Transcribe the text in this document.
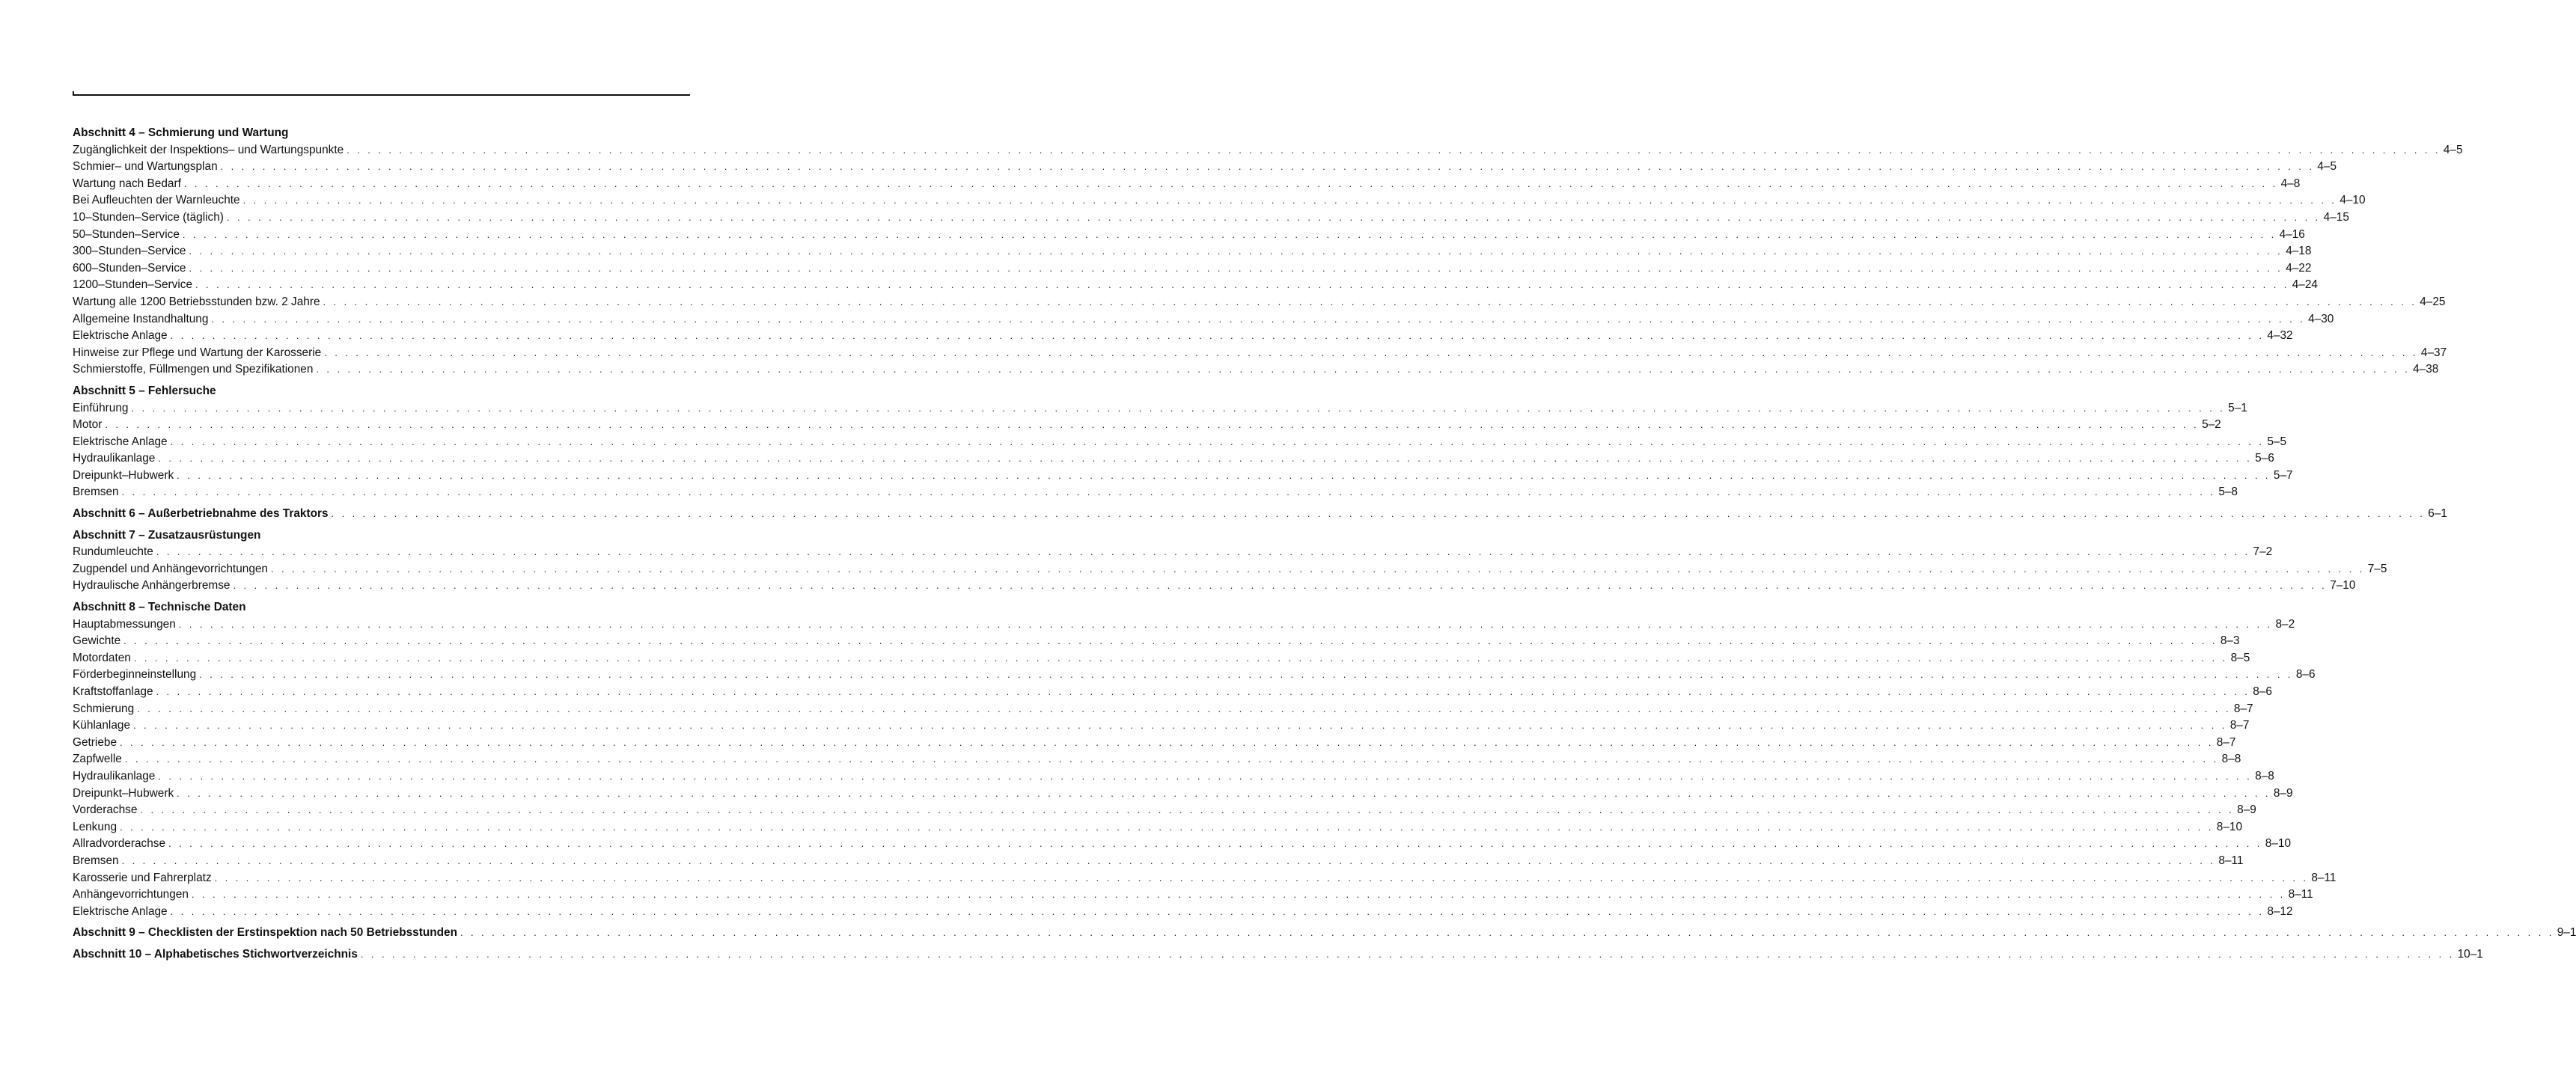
Abschnitt 4 – Schmierung und Wartung
Zugänglichkeit der Inspektions– und Wartungspunkte . . . . . . . . . . . . . . . . . . . . . . . . . . . . . . . . . . . . . . . . . . . . . . . . . . . . . . . . . . . . . . . . . . . . . . . . . . . . . . . . . . . . . . . . . . . . . . . . . . . . . . . . . . . . . . . . . . . . . . . . . . . . . . . . . . . . . . . . . . . . . . . . . . . . . . . . . . . . . . . . . . . . . . . . . . . . . . . . . . . . . . . . . . . . . . . . . . . . . . . . 4–5
Schmier– und Wartungsplan . . . . . . . . . . . . . . . . . . . . . . . . . . . . . . . . . . . . . . . . . . . . . . . . . . . . . . . . . . . . . . . . . . . . . . . . . . . . . . . . . . . . . . . . . . . . . . . . . . . . . . . . . . . . . . . . . . . . . . . . . . . . . . . . . . . . . . . . . . . . . . . . . . . . . . . . . . . . . . . . . . . . . . . . . . . . . . . . . . . . . . . . . . . . . . . . . . . . . . . . 4–5
Wartung nach Bedarf . . . . . . . . . . . . . . . . . . . . . . . . . . . . . . . . . . . . . . . . . . . . . . . . . . . . . . . . . . . . . . . . . . . . . . . . . . . . . . . . . . . . . . . . . . . . . . . . . . . . . . . . . . . . . . . . . . . . . . . . . . . . . . . . . . . . . . . . . . . . . . . . . . . . . . . . . . . . . . . . . . . . . . . . . . . . . . . . . . . . . . . . . . . . . . . . . . . . . . . . 4–8
Bei Aufleuchten der Warnleuchte . . . . . . . . . . . . . . . . . . . . . . . . . . . . . . . . . . . . . . . . . . . . . . . . . . . . . . . . . . . . . . . . . . . . . . . . . . . . . . . . . . . . . . . . . . . . . . . . . . . . . . . . . . . . . . . . . . . . . . . . . . . . . . . . . . . . . . . . . . . . . . . . . . . . . . . . . . . . . . . . . . . . . . . . . . . . . . . . . . . . . . . . . . . . . . . . . . . . . . . . 4–10
10–Stunden–Service (täglich) . . . . . . . . . . . . . . . . . . . . . . . . . . . . . . . . . . . . . . . . . . . . . . . . . . . . . . . . . . . . . . . . . . . . . . . . . . . . . . . . . . . . . . . . . . . . . . . . . . . . . . . . . . . . . . . . . . . . . . . . . . . . . . . . . . . . . . . . . . . . . . . . . . . . . . . . . . . . . . . . . . . . . . . . . . . . . . . . . . . . . . . . . . . . . . . . . . . . . . . . 4–15
50–Stunden–Service . . . . . . . . . . . . . . . . . . . . . . . . . . . . . . . . . . . . . . . . . . . . . . . . . . . . . . . . . . . . . . . . . . . . . . . . . . . . . . . . . . . . . . . . . . . . . . . . . . . . . . . . . . . . . . . . . . . . . . . . . . . . . . . . . . . . . . . . . . . . . . . . . . . . . . . . . . . . . . . . . . . . . . . . . . . . . . . . . . . . . . . . . . . . . . . . . . . . . . . . 4–16
300–Stunden–Service . . . . . . . . . . . . . . . . . . . . . . . . . . . . . . . . . . . . . . . . . . . . . . . . . . . . . . . . . . . . . . . . . . . . . . . . . . . . . . . . . . . . . . . . . . . . . . . . . . . . . . . . . . . . . . . . . . . . . . . . . . . . . . . . . . . . . . . . . . . . . . . . . . . . . . . . . . . . . . . . . . . . . . . . . . . . . . . . . . . . . . . . . . . . . . . . . . . . . . . . 4–18
600–Stunden–Service . . . . . . . . . . . . . . . . . . . . . . . . . . . . . . . . . . . . . . . . . . . . . . . . . . . . . . . . . . . . . . . . . . . . . . . . . . . . . . . . . . . . . . . . . . . . . . . . . . . . . . . . . . . . . . . . . . . . . . . . . . . . . . . . . . . . . . . . . . . . . . . . . . . . . . . . . . . . . . . . . . . . . . . . . . . . . . . . . . . . . . . . . . . . . . . . . . . . . . . . 4–22
1200–Stunden–Service . . . . . . . . . . . . . . . . . . . . . . . . . . . . . . . . . . . . . . . . . . . . . . . . . . . . . . . . . . . . . . . . . . . . . . . . . . . . . . . . . . . . . . . . . . . . . . . . . . . . . . . . . . . . . . . . . . . . . . . . . . . . . . . . . . . . . . . . . . . . . . . . . . . . . . . . . . . . . . . . . . . . . . . . . . . . . . . . . . . . . . . . . . . . . . . . . . . . . . . . 4–24
Wartung alle 1200 Betriebsstunden bzw. 2 Jahre . . . . . . . . . . . . . . . . . . . . . . . . . . . . . . . . . . . . . . . . . . . . . . . . . . . . . . . . . . . . . . . . . . . . . . . . . . . . . . . . . . . . . . . . . . . . . . . . . . . . . . . . . . . . . . . . . . . . . . . . . . . . . . . . . . . . . . . . . . . . . . . . . . . . . . . . . . . . . . . . . . . . . . . . . . . . . . . . . . . . . . . . . . . . . . . . . . . . . . . . 4–25
Allgemeine Instandhaltung . . . . . . . . . . . . . . . . . . . . . . . . . . . . . . . . . . . . . . . . . . . . . . . . . . . . . . . . . . . . . . . . . . . . . . . . . . . . . . . . . . . . . . . . . . . . . . . . . . . . . . . . . . . . . . . . . . . . . . . . . . . . . . . . . . . . . . . . . . . . . . . . . . . . . . . . . . . . . . . . . . . . . . . . . . . . . . . . . . . . . . . . . . . . . . . . . . . . . . . . 4–30
Elektrische Anlage . . . . . . . . . . . . . . . . . . . . . . . . . . . . . . . . . . . . . . . . . . . . . . . . . . . . . . . . . . . . . . . . . . . . . . . . . . . . . . . . . . . . . . . . . . . . . . . . . . . . . . . . . . . . . . . . . . . . . . . . . . . . . . . . . . . . . . . . . . . . . . . . . . . . . . . . . . . . . . . . . . . . . . . . . . . . . . . . . . . . . . . . . . . . . . . . . . . . . . . . 4–32
Hinweise zur Pflege und Wartung der Karosserie . . . . . . . . . . . . . . . . . . . . . . . . . . . . . . . . . . . . . . . . . . . . . . . . . . . . . . . . . . . . . . . . . . . . . . . . . . . . . . . . . . . . . . . . . . . . . . . . . . . . . . . . . . . . . . . . . . . . . . . . . . . . . . . . . . . . . . . . . . . . . . . . . . . . . . . . . . . . . . . . . . . . . . . . . . . . . . . . . . . . . . . . . . . . . . . . . . . . . . . . 4–37
Schmierstoffe, Füllmengen und Spezifikationen . . . . . . . . . . . . . . . . . . . . . . . . . . . . . . . . . . . . . . . . . . . . . . . . . . . . . . . . . . . . . . . . . . . . . . . . . . . . . . . . . . . . . . . . . . . . . . . . . . . . . . . . . . . . . . . . . . . . . . . . . . . . . . . . . . . . . . . . . . . . . . . . . . . . . . . . . . . . . . . . . . . . . . . . . . . . . . . . . . . . . . . . . . . . . . . . . . . . . . . . 4–38
Abschnitt 5 – Fehlersuche
Einführung . . . . . . . . . . . . . . . . . . . . . . . . . . . . . . . . . . . . . . . . . . . . . . . . . . . . . . . . . . . . . . . . . . . . . . . . . . . . . . . . . . . . . . . . . . . . . . . . . . . . . . . . . . . . . . . . . . . . . . . . . . . . . . . . . . . . . . . . . . . . . . . . . . . . . . . . . . . . . . . . . . . . . . . . . . . . . . . . . . . . . . . . . . . . . . . . . . . . . . . . 5–1
Motor . . . . . . . . . . . . . . . . . . . . . . . . . . . . . . . . . . . . . . . . . . . . . . . . . . . . . . . . . . . . . . . . . . . . . . . . . . . . . . . . . . . . . . . . . . . . . . . . . . . . . . . . . . . . . . . . . . . . . . . . . . . . . . . . . . . . . . . . . . . . . . . . . . . . . . . . . . . . . . . . . . . . . . . . . . . . . . . . . . . . . . . . . . . . . . . . . . . . . . . . 5–2
Elektrische Anlage . . . . . . . . . . . . . . . . . . . . . . . . . . . . . . . . . . . . . . . . . . . . . . . . . . . . . . . . . . . . . . . . . . . . . . . . . . . . . . . . . . . . . . . . . . . . . . . . . . . . . . . . . . . . . . . . . . . . . . . . . . . . . . . . . . . . . . . . . . . . . . . . . . . . . . . . . . . . . . . . . . . . . . . . . . . . . . . . . . . . . . . . . . . . . . . . . . . . . . . . 5–5
Hydraulikanlage . . . . . . . . . . . . . . . . . . . . . . . . . . . . . . . . . . . . . . . . . . . . . . . . . . . . . . . . . . . . . . . . . . . . . . . . . . . . . . . . . . . . . . . . . . . . . . . . . . . . . . . . . . . . . . . . . . . . . . . . . . . . . . . . . . . . . . . . . . . . . . . . . . . . . . . . . . . . . . . . . . . . . . . . . . . . . . . . . . . . . . . . . . . . . . . . . . . . . . . . 5–6
Dreipunkt–Hubwerk . . . . . . . . . . . . . . . . . . . . . . . . . . . . . . . . . . . . . . . . . . . . . . . . . . . . . . . . . . . . . . . . . . . . . . . . . . . . . . . . . . . . . . . . . . . . . . . . . . . . . . . . . . . . . . . . . . . . . . . . . . . . . . . . . . . . . . . . . . . . . . . . . . . . . . . . . . . . . . . . . . . . . . . . . . . . . . . . . . . . . . . . . . . . . . . . . . . . . . . . 5–7
Bremsen . . . . . . . . . . . . . . . . . . . . . . . . . . . . . . . . . . . . . . . . . . . . . . . . . . . . . . . . . . . . . . . . . . . . . . . . . . . . . . . . . . . . . . . . . . . . . . . . . . . . . . . . . . . . . . . . . . . . . . . . . . . . . . . . . . . . . . . . . . . . . . . . . . . . . . . . . . . . . . . . . . . . . . . . . . . . . . . . . . . . . . . . . . . . . . . . . . . . . . . . 5–8
Abschnitt 6 – Außerbetriebnahme des Traktors . . . . . . . . . . . . . . . . . . . . . . . . . . . . . . . . . . . . . . . . . . . . . . . . . . . . . . . . . . . . . . . . . . . . . . . . . . . . . . . . . . . . . . . . . . . . . . . . . . . . . . . . . . . . . . . . . . . . . . . . . . . . . . . . . . . . . . . . . . . . . . . . . . . . . . . . . . . . . . . . . . . . . . . . . . . . . . . . . . . . . . . . . . . . . . . . . . . . . . . . 6–1
Abschnitt 7 – Zusatzausrüstungen
Rundumleuchte . . . . . . . . . . . . . . . . . . . . . . . . . . . . . . . . . . . . . . . . . . . . . . . . . . . . . . . . . . . . . . . . . . . . . . . . . . . . . . . . . . . . . . . . . . . . . . . . . . . . . . . . . . . . . . . . . . . . . . . . . . . . . . . . . . . . . . . . . . . . . . . . . . . . . . . . . . . . . . . . . . . . . . . . . . . . . . . . . . . . . . . . . . . . . . . . . . . . . . . . 7–2
Zugpendel und Anhängevorrichtungen . . . . . . . . . . . . . . . . . . . . . . . . . . . . . . . . . . . . . . . . . . . . . . . . . . . . . . . . . . . . . . . . . . . . . . . . . . . . . . . . . . . . . . . . . . . . . . . . . . . . . . . . . . . . . . . . . . . . . . . . . . . . . . . . . . . . . . . . . . . . . . . . . . . . . . . . . . . . . . . . . . . . . . . . . . . . . . . . . . . . . . . . . . . . . . . . . . . . . . . . 7–5
Hydraulische Anhängerbremse . . . . . . . . . . . . . . . . . . . . . . . . . . . . . . . . . . . . . . . . . . . . . . . . . . . . . . . . . . . . . . . . . . . . . . . . . . . . . . . . . . . . . . . . . . . . . . . . . . . . . . . . . . . . . . . . . . . . . . . . . . . . . . . . . . . . . . . . . . . . . . . . . . . . . . . . . . . . . . . . . . . . . . . . . . . . . . . . . . . . . . . . . . . . . . . . . . . . . . . . 7–10
Abschnitt 8 – Technische Daten
Hauptabmessungen . . . . . . . . . . . . . . . . . . . . . . . . . . . . . . . . . . . . . . . . . . . . . . . . . . . . . . . . . . . . . . . . . . . . . . . . . . . . . . . . . . . . . . . . . . . . . . . . . . . . . . . . . . . . . . . . . . . . . . . . . . . . . . . . . . . . . . . . . . . . . . . . . . . . . . . . . . . . . . . . . . . . . . . . . . . . . . . . . . . . . . . . . . . . . . . . . . . . . . . . 8–2
Gewichte . . . . . . . . . . . . . . . . . . . . . . . . . . . . . . . . . . . . . . . . . . . . . . . . . . . . . . . . . . . . . . . . . . . . . . . . . . . . . . . . . . . . . . . . . . . . . . . . . . . . . . . . . . . . . . . . . . . . . . . . . . . . . . . . . . . . . . . . . . . . . . . . . . . . . . . . . . . . . . . . . . . . . . . . . . . . . . . . . . . . . . . . . . . . . . . . . . . . . . . . 8–3
Motordaten . . . . . . . . . . . . . . . . . . . . . . . . . . . . . . . . . . . . . . . . . . . . . . . . . . . . . . . . . . . . . . . . . . . . . . . . . . . . . . . . . . . . . . . . . . . . . . . . . . . . . . . . . . . . . . . . . . . . . . . . . . . . . . . . . . . . . . . . . . . . . . . . . . . . . . . . . . . . . . . . . . . . . . . . . . . . . . . . . . . . . . . . . . . . . . . . . . . . . . . . 8–5
Förderbeginneinstellung . . . . . . . . . . . . . . . . . . . . . . . . . . . . . . . . . . . . . . . . . . . . . . . . . . . . . . . . . . . . . . . . . . . . . . . . . . . . . . . . . . . . . . . . . . . . . . . . . . . . . . . . . . . . . . . . . . . . . . . . . . . . . . . . . . . . . . . . . . . . . . . . . . . . . . . . . . . . . . . . . . . . . . . . . . . . . . . . . . . . . . . . . . . . . . . . . . . . . . . . 8–6
Kraftstoffanlage . . . . . . . . . . . . . . . . . . . . . . . . . . . . . . . . . . . . . . . . . . . . . . . . . . . . . . . . . . . . . . . . . . . . . . . . . . . . . . . . . . . . . . . . . . . . . . . . . . . . . . . . . . . . . . . . . . . . . . . . . . . . . . . . . . . . . . . . . . . . . . . . . . . . . . . . . . . . . . . . . . . . . . . . . . . . . . . . . . . . . . . . . . . . . . . . . . . . . . . . 8–6
Schmierung . . . . . . . . . . . . . . . . . . . . . . . . . . . . . . . . . . . . . . . . . . . . . . . . . . . . . . . . . . . . . . . . . . . . . . . . . . . . . . . . . . . . . . . . . . . . . . . . . . . . . . . . . . . . . . . . . . . . . . . . . . . . . . . . . . . . . . . . . . . . . . . . . . . . . . . . . . . . . . . . . . . . . . . . . . . . . . . . . . . . . . . . . . . . . . . . . . . . . . . . 8–7
Kühlanlage . . . . . . . . . . . . . . . . . . . . . . . . . . . . . . . . . . . . . . . . . . . . . . . . . . . . . . . . . . . . . . . . . . . . . . . . . . . . . . . . . . . . . . . . . . . . . . . . . . . . . . . . . . . . . . . . . . . . . . . . . . . . . . . . . . . . . . . . . . . . . . . . . . . . . . . . . . . . . . . . . . . . . . . . . . . . . . . . . . . . . . . . . . . . . . . . . . . . . . . . 8–7
Getriebe . . . . . . . . . . . . . . . . . . . . . . . . . . . . . . . . . . . . . . . . . . . . . . . . . . . . . . . . . . . . . . . . . . . . . . . . . . . . . . . . . . . . . . . . . . . . . . . . . . . . . . . . . . . . . . . . . . . . . . . . . . . . . . . . . . . . . . . . . . . . . . . . . . . . . . . . . . . . . . . . . . . . . . . . . . . . . . . . . . . . . . . . . . . . . . . . . . . . . . . . 8–7
Zapfwelle . . . . . . . . . . . . . . . . . . . . . . . . . . . . . . . . . . . . . . . . . . . . . . . . . . . . . . . . . . . . . . . . . . . . . . . . . . . . . . . . . . . . . . . . . . . . . . . . . . . . . . . . . . . . . . . . . . . . . . . . . . . . . . . . . . . . . . . . . . . . . . . . . . . . . . . . . . . . . . . . . . . . . . . . . . . . . . . . . . . . . . . . . . . . . . . . . . . . . . . . 8–8
Hydraulikanlage . . . . . . . . . . . . . . . . . . . . . . . . . . . . . . . . . . . . . . . . . . . . . . . . . . . . . . . . . . . . . . . . . . . . . . . . . . . . . . . . . . . . . . . . . . . . . . . . . . . . . . . . . . . . . . . . . . . . . . . . . . . . . . . . . . . . . . . . . . . . . . . . . . . . . . . . . . . . . . . . . . . . . . . . . . . . . . . . . . . . . . . . . . . . . . . . . . . . . . . . 8–8
Dreipunkt–Hubwerk . . . . . . . . . . . . . . . . . . . . . . . . . . . . . . . . . . . . . . . . . . . . . . . . . . . . . . . . . . . . . . . . . . . . . . . . . . . . . . . . . . . . . . . . . . . . . . . . . . . . . . . . . . . . . . . . . . . . . . . . . . . . . . . . . . . . . . . . . . . . . . . . . . . . . . . . . . . . . . . . . . . . . . . . . . . . . . . . . . . . . . . . . . . . . . . . . . . . . . . . 8–9
Vorderachse . . . . . . . . . . . . . . . . . . . . . . . . . . . . . . . . . . . . . . . . . . . . . . . . . . . . . . . . . . . . . . . . . . . . . . . . . . . . . . . . . . . . . . . . . . . . . . . . . . . . . . . . . . . . . . . . . . . . . . . . . . . . . . . . . . . . . . . . . . . . . . . . . . . . . . . . . . . . . . . . . . . . . . . . . . . . . . . . . . . . . . . . . . . . . . . . . . . . . . . . 8–9
Lenkung . . . . . . . . . . . . . . . . . . . . . . . . . . . . . . . . . . . . . . . . . . . . . . . . . . . . . . . . . . . . . . . . . . . . . . . . . . . . . . . . . . . . . . . . . . . . . . . . . . . . . . . . . . . . . . . . . . . . . . . . . . . . . . . . . . . . . . . . . . . . . . . . . . . . . . . . . . . . . . . . . . . . . . . . . . . . . . . . . . . . . . . . . . . . . . . . . . . . . . . . 8–10
Allradvorderachse . . . . . . . . . . . . . . . . . . . . . . . . . . . . . . . . . . . . . . . . . . . . . . . . . . . . . . . . . . . . . . . . . . . . . . . . . . . . . . . . . . . . . . . . . . . . . . . . . . . . . . . . . . . . . . . . . . . . . . . . . . . . . . . . . . . . . . . . . . . . . . . . . . . . . . . . . . . . . . . . . . . . . . . . . . . . . . . . . . . . . . . . . . . . . . . . . . . . . . . . 8–10
Bremsen . . . . . . . . . . . . . . . . . . . . . . . . . . . . . . . . . . . . . . . . . . . . . . . . . . . . . . . . . . . . . . . . . . . . . . . . . . . . . . . . . . . . . . . . . . . . . . . . . . . . . . . . . . . . . . . . . . . . . . . . . . . . . . . . . . . . . . . . . . . . . . . . . . . . . . . . . . . . . . . . . . . . . . . . . . . . . . . . . . . . . . . . . . . . . . . . . . . . . . . . 8–11
Karosserie und Fahrerplatz . . . . . . . . . . . . . . . . . . . . . . . . . . . . . . . . . . . . . . . . . . . . . . . . . . . . . . . . . . . . . . . . . . . . . . . . . . . . . . . . . . . . . . . . . . . . . . . . . . . . . . . . . . . . . . . . . . . . . . . . . . . . . . . . . . . . . . . . . . . . . . . . . . . . . . . . . . . . . . . . . . . . . . . . . . . . . . . . . . . . . . . . . . . . . . . . . . . . . . . . 8–11
Anhängevorrichtungen . . . . . . . . . . . . . . . . . . . . . . . . . . . . . . . . . . . . . . . . . . . . . . . . . . . . . . . . . . . . . . . . . . . . . . . . . . . . . . . . . . . . . . . . . . . . . . . . . . . . . . . . . . . . . . . . . . . . . . . . . . . . . . . . . . . . . . . . . . . . . . . . . . . . . . . . . . . . . . . . . . . . . . . . . . . . . . . . . . . . . . . . . . . . . . . . . . . . . . . . 8–11
Elektrische Anlage . . . . . . . . . . . . . . . . . . . . . . . . . . . . . . . . . . . . . . . . . . . . . . . . . . . . . . . . . . . . . . . . . . . . . . . . . . . . . . . . . . . . . . . . . . . . . . . . . . . . . . . . . . . . . . . . . . . . . . . . . . . . . . . . . . . . . . . . . . . . . . . . . . . . . . . . . . . . . . . . . . . . . . . . . . . . . . . . . . . . . . . . . . . . . . . . . . . . . . . . 8–12
Abschnitt 9 – Checklisten der Erstinspektion nach 50 Betriebsstunden . . . . . . . . . . . . . . . . . . . . . . . . . . . . . . . . . . . . . . . . . . . . . . . . . . . . . . . . . . . . . . . . . . . . . . . . . . . . . . . . . . . . . . . . . . . . . . . . . . . . . . . . . . . . . . . . . . . . . . . . . . . . . . . . . . . . . . . . . . . . . . . . . . . . . . . . . . . . . . . . . . . . . . . . . . . . . . . . . . . . . . . . . . . . . . . . . . . . . . . . 9–1
Abschnitt 10 – Alphabetisches Stichwortverzeichnis . . . . . . . . . . . . . . . . . . . . . . . . . . . . . . . . . . . . . . . . . . . . . . . . . . . . . . . . . . . . . . . . . . . . . . . . . . . . . . . . . . . . . . . . . . . . . . . . . . . . . . . . . . . . . . . . . . . . . . . . . . . . . . . . . . . . . . . . . . . . . . . . . . . . . . . . . . . . . . . . . . . . . . . . . . . . . . . . . . . . . . . . . . . . . . . . . . . . . . . . 10–1
